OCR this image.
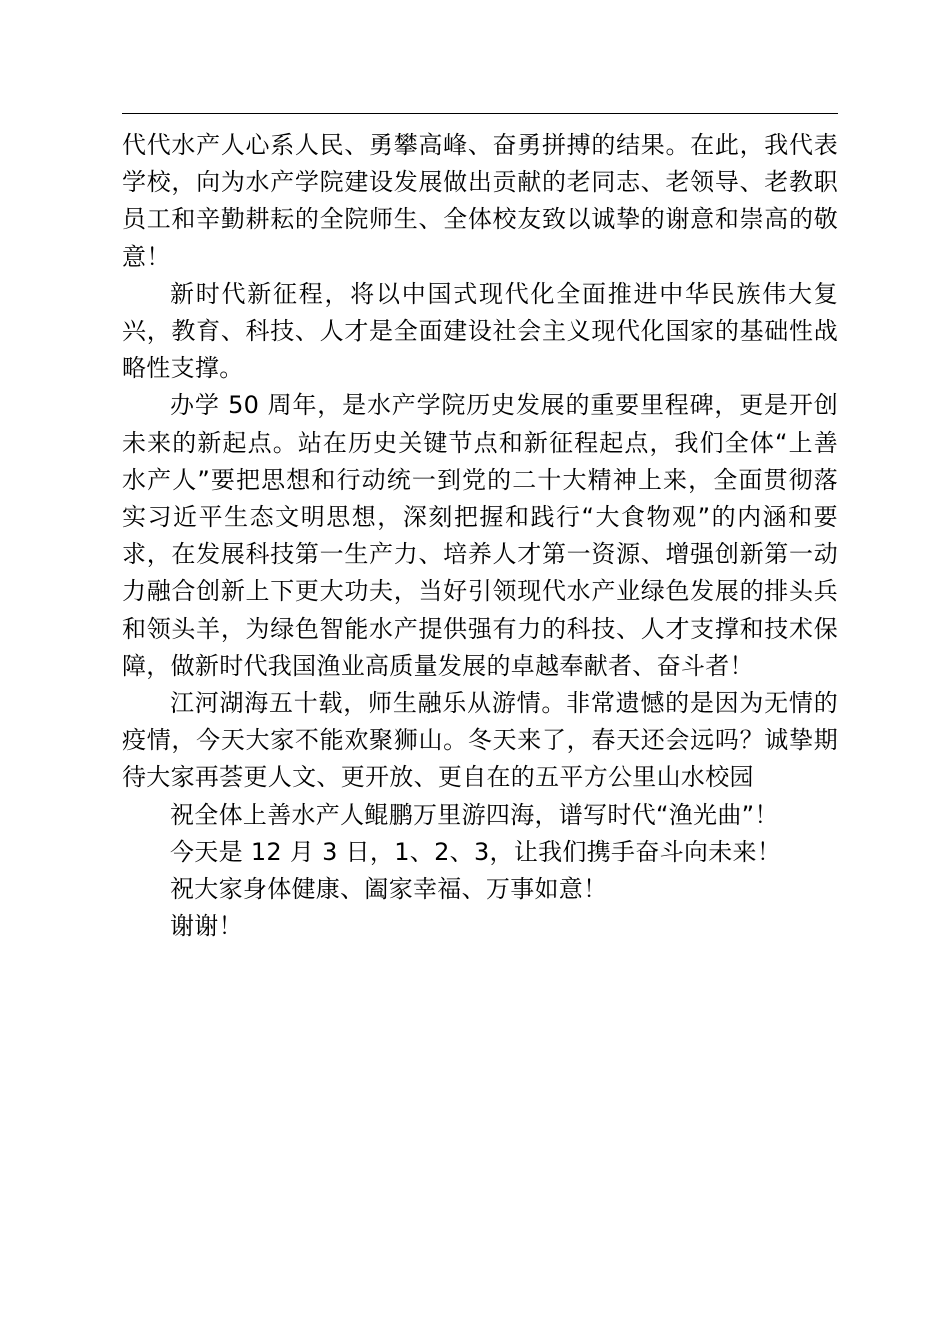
代代水产人心系人民、勇攀高峰、奋勇拼搏的结果。在此，我代表学校，向为水产学院建设发展做出贡献的老同志、老领导、老教职员工和辛勤耕耘的全院师生、全体校友致以诚挚的谢意和崇高的敬意！

新时代新征程，将以中国式现代化全面推进中华民族伟大复兴，教育、科技、人才是全面建设社会主义现代化国家的基础性战略性支撑。

办学 50 周年，是水产学院历史发展的重要里程碑，更是开创未来的新起点。站在历史关键节点和新征程起点，我们全体“上善水产人”要把思想和行动统一到党的二十大精神上来，全面贯彻落实习近平生态文明思想，深刻把握和践行“大食物观”的内涵和要求，在发展科技第一生产力、培养人才第一资源、增强创新第一动力融合创新上下更大功夫，当好引领现代水产业绿色发展的排头兵和领头羊，为绿色智能水产提供强有力的科技、人才支撑和技术保障，做新时代我国渔业高质量发展的卓越奉献者、奋斗者！

江河湖海五十载，师生融乐从游情。非常遗憾的是因为无情的疫情，今天大家不能欢聚狮山。冬天来了，春天还会远吗？诚挚期待大家再荟更人文、更开放、更自在的五平方公里山水校园

祝全体上善水产人鲲鹏万里游四海，谱写时代“渔光曲”！

今天是 12 月 3 日，1、2、3，让我们携手奋斗向未来！

祝大家身体健康、阖家幸福、万事如意！

谢谢！
